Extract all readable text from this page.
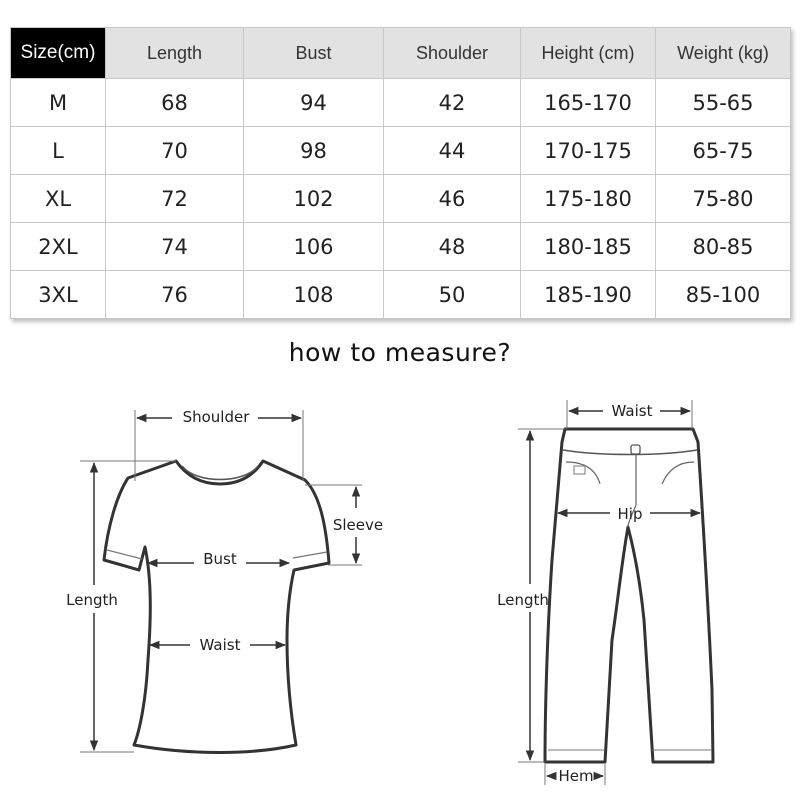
Size(cm)	Length	Bust	Shoulder	Height (cm)	Weight (kg)
M	68	94	42	165-170	55-65
L	70	98	44	170-175	65-75
XL	72	102	46	175-180	75-80
2XL	74	106	48	180-185	80-85
3XL	76	108	50	185-190	85-100
how to measure?
Shoulder
Sleeve
Bust
Waist
Length
Waist
Hip
Length
Hem
